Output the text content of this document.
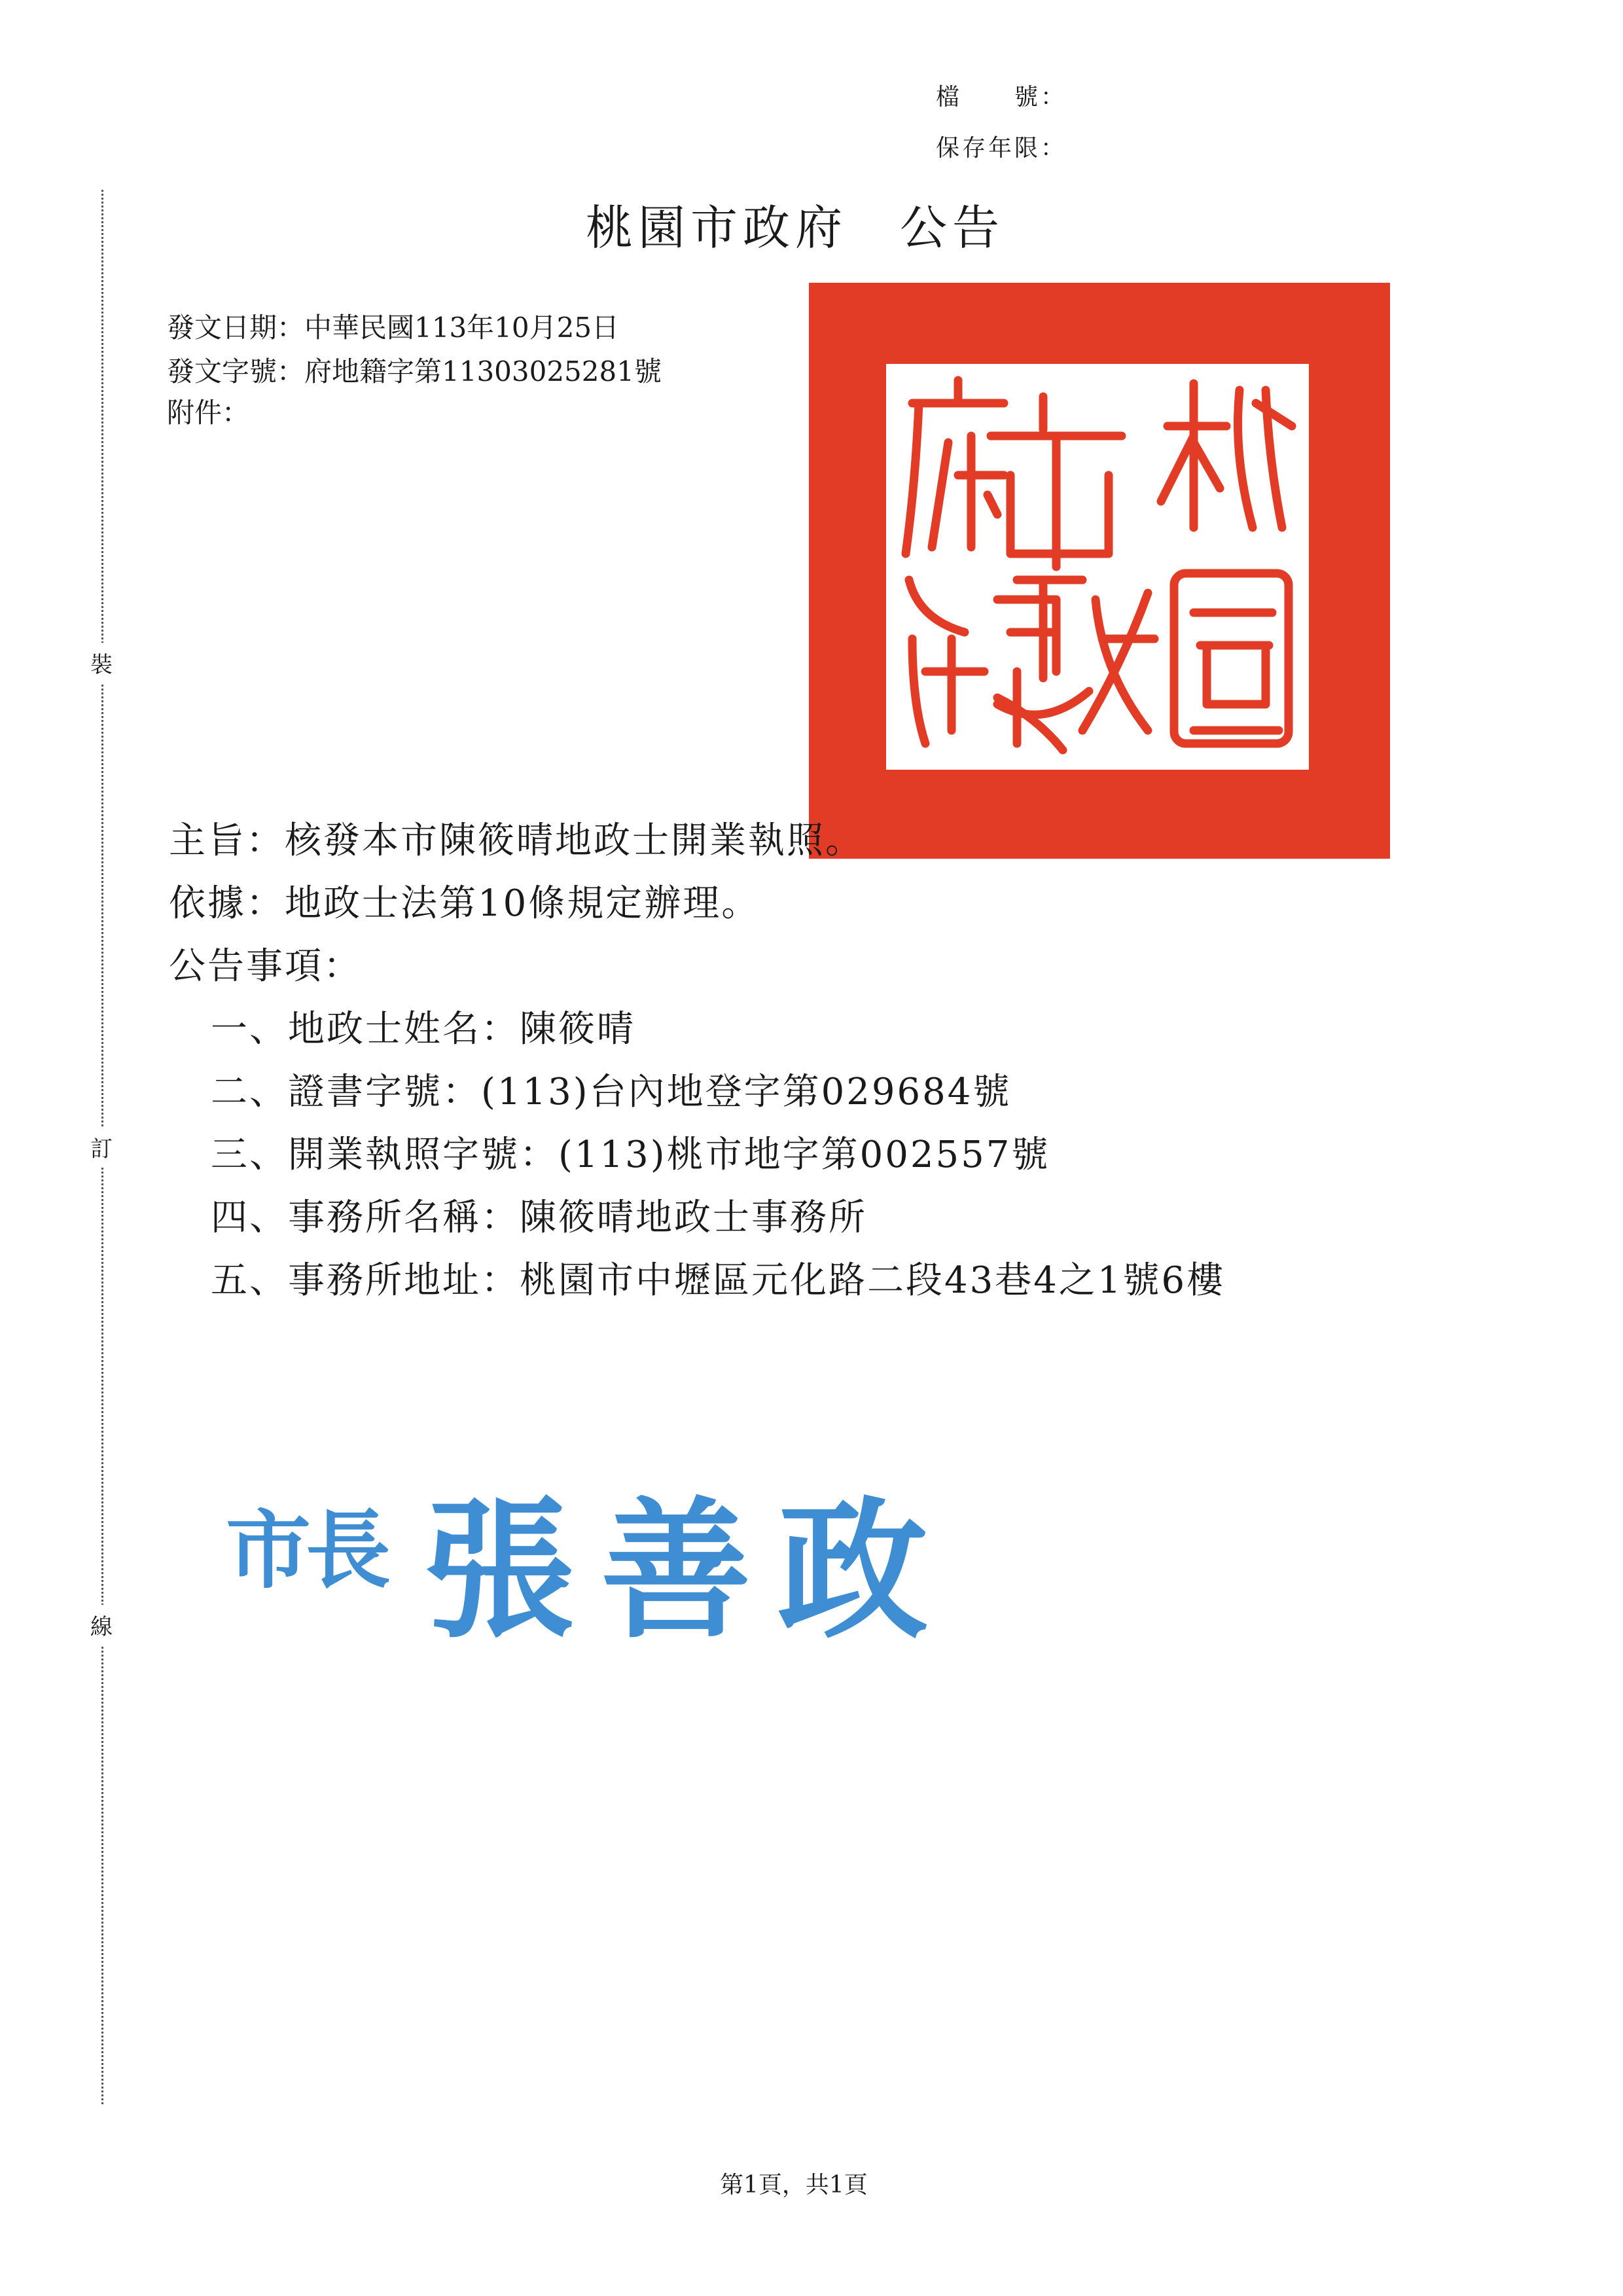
檔　　號：
保存年限：
裝
訂
線
桃園市政府　公告
發文日期：中華民國113年10月25日
發文字號：府地籍字第11303025281號
附件：
主旨：核發本市陳筱晴地政士開業執照。
依據：地政士法第10條規定辦理。
公告事項：
一、地政士姓名：陳筱晴
二、證書字號：(113)台內地登字第029684號
三、開業執照字號：(113)桃市地字第002557號
四、事務所名稱：陳筱晴地政士事務所
五、事務所地址：桃園市中壢區元化路二段43巷4之1號6樓
市長 張善政
第1頁，共1頁
